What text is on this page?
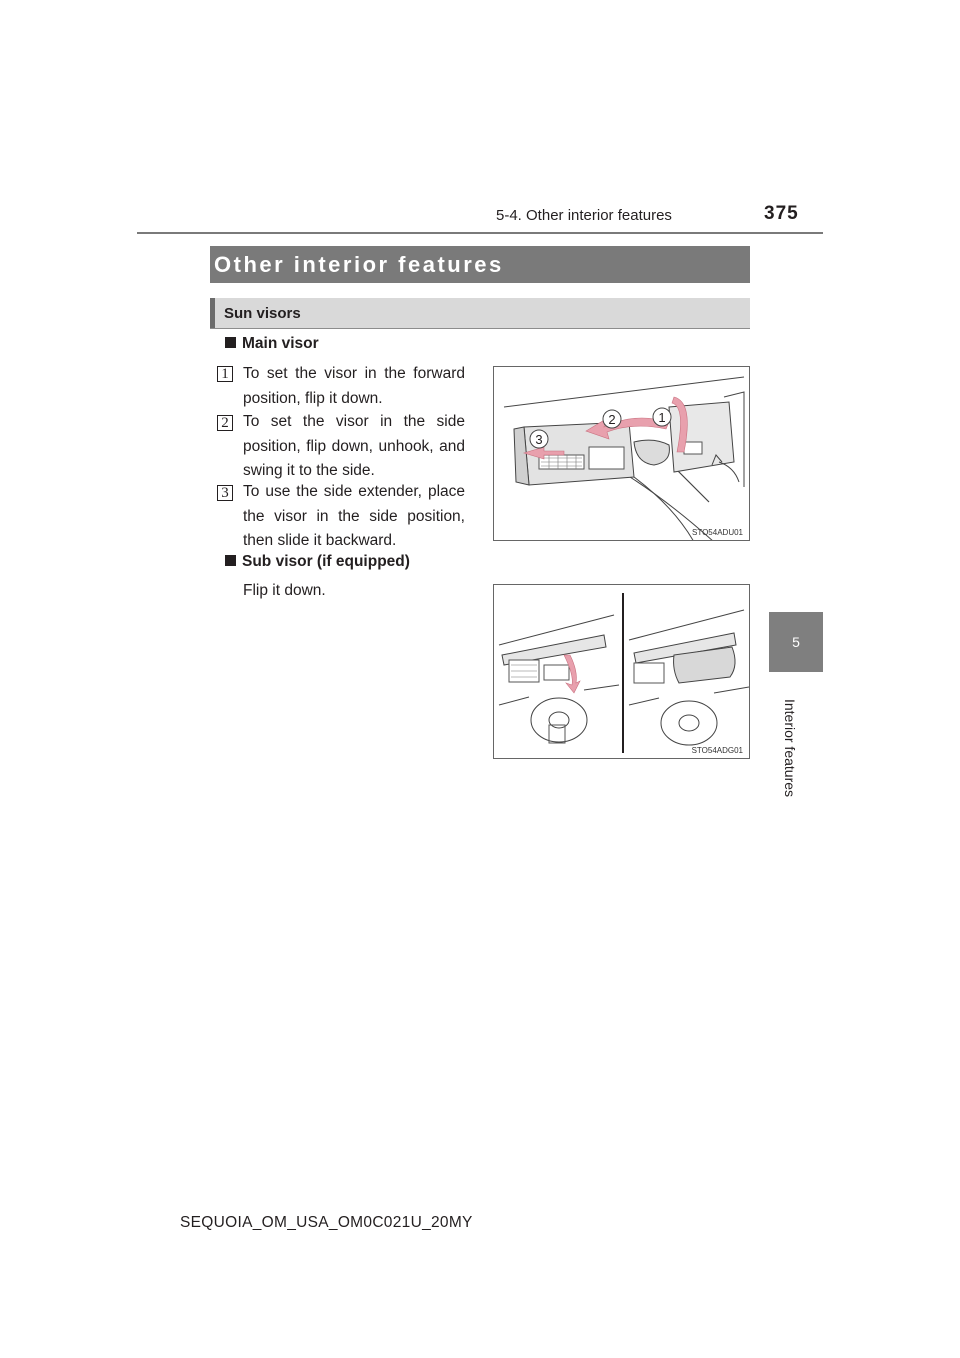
5-4. Other interior features	375
5
Interior features
Other interior features
Sun visors
Main visor
1 To set the visor in the forward position, flip it down.
2 To set the visor in the side position, flip down, unhook, and swing it to the side.
3 To use the side extender, place the visor in the side position, then slide it backward.
Sub visor (if equipped)
Flip it down.
2	1
3
STO54ADU01
STO54ADG01
SEQUOIA_OM_USA_OM0C021U_20MY
